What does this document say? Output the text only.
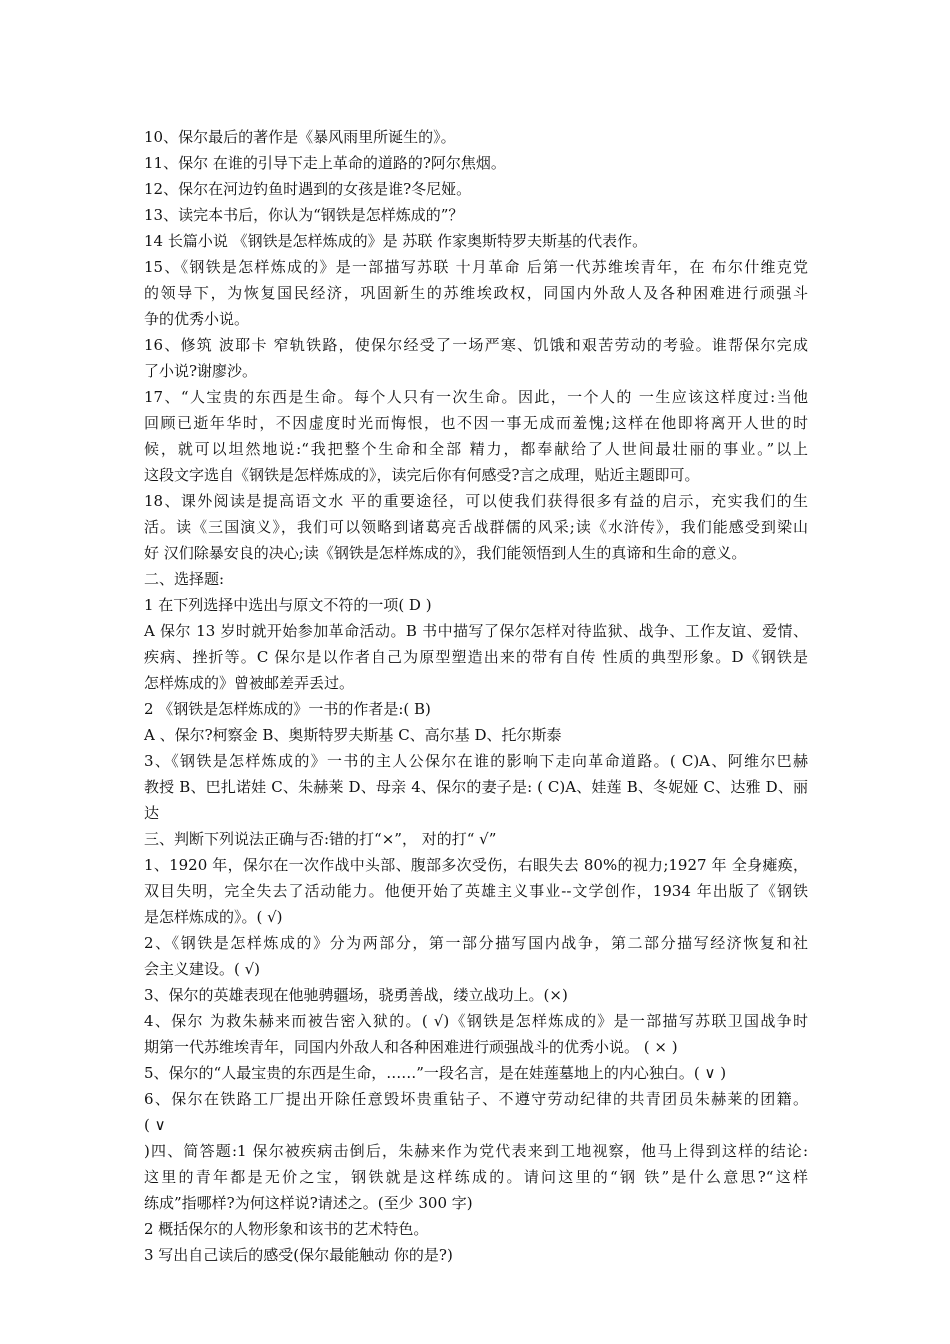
10、保尔最后的著作是《暴风雨里所诞生的》。
11、保尔 在谁的引导下走上革命的道路的?阿尔焦烟。
12、保尔在河边钓鱼时遇到的女孩是谁?冬尼娅。
13、读完本书后，你认为“钢铁是怎样炼成的”？
14 长篇小说 《钢铁是怎样炼成的》是 苏联 作家奥斯特罗夫斯基的代表作。
15、《钢铁是怎样炼成的》是一部描写苏联 十月革命 后第一代苏维埃青年，在 布尔什维克党
的领导下，为恢复国民经济，巩固新生的苏维埃政权，同国内外敌人及各种困难进行顽强斗
争的优秀小说。
16、修筑 波耶卡 窄轨铁路，使保尔经受了一场严寒、饥饿和艰苦劳动的考验。谁帮保尔完成
了小说?谢廖沙。
17、“人宝贵的东西是生命。每个人只有一次生命。因此，一个人的 一生应该这样度过:当他
回顾已逝年华时，不因虚度时光而悔恨，也不因一事无成而羞愧;这样在他即将离开人世的时
候，就可以坦然地说:“我把整个生命和全部 精力，都奉献给了人世间最壮丽的事业。”以上
这段文字选自《钢铁是怎样炼成的》，读完后你有何感受?言之成理，贴近主题即可。
18、课外阅读是提高语文水 平的重要途径，可以使我们获得很多有益的启示，充实我们的生
活。读《三国演义》，我们可以领略到诸葛亮舌战群儒的风采;读《水浒传》，我们能感受到梁山
好 汉们除暴安良的决心;读《钢铁是怎样炼成的》，我们能领悟到人生的真谛和生命的意义。
二、选择题:
1 在下列选择中选出与原文不符的一项( D )
A 保尔 13 岁时就开始参加革命活动。B 书中描写了保尔怎样对待监狱、战争、工作友谊、爱情、
疾病、挫折等。C 保尔是以作者自己为原型塑造出来的带有自传 性质的典型形象。D《钢铁是
怎样炼成的》曾被邮差弄丢过。
2 《钢铁是怎样炼成的》一书的作者是:( B)
A 、保尔?柯察金 B、奥斯特罗夫斯基 C、高尔基 D、托尔斯泰
3、《钢铁是怎样炼成的》一书的主人公保尔在谁的影响下走向革命道路。( C)A、阿维尔巴赫
教授 B、巴扎诺娃 C、朱赫莱 D、母亲 4、保尔的妻子是: ( C)A、娃莲 B、冬妮娅 C、达雅 D、丽
达
三、判断下列说法正确与否:错的打“×”， 对的打“ √”
1、1920 年，保尔在一次作战中头部、腹部多次受伤，右眼失去 80%的视力;1927 年 全身瘫痪，
双目失明，完全失去了活动能力。他便开始了英雄主义事业--文学创作，1934 年出版了《钢铁
是怎样炼成的》。( √)
2、《钢铁是怎样炼成的》分为两部分，第一部分描写国内战争，第二部分描写经济恢复和社
会主义建设。( √)
3、保尔的英雄表现在他驰骋疆场，骁勇善战，缕立战功上。(×)
4、保尔 为救朱赫来而被告密入狱的。( √)《钢铁是怎样炼成的》是一部描写苏联卫国战争时
期第一代苏维埃青年，同国内外敌人和各种困难进行顽强战斗的优秀小说。 ( × )
5、保尔的“人最宝贵的东西是生命，……”一段名言，是在娃莲墓地上的内心独白。( ∨ )
6、保尔在铁路工厂提出开除任意毁坏贵重钻子、不遵守劳动纪律的共青团员朱赫莱的团籍。
( ∨
)四、简答题:1 保尔被疾病击倒后，朱赫来作为党代表来到工地视察，他马上得到这样的结论:
这里的青年都是无价之宝，钢铁就是这样练成的。请问这里的“钢 铁”是什么意思?“这样
练成”指哪样?为何这样说?请述之。(至少 300 字)
2 概括保尔的人物形象和该书的艺术特色。
3 写出自己读后的感受(保尔最能触动 你的是?)
